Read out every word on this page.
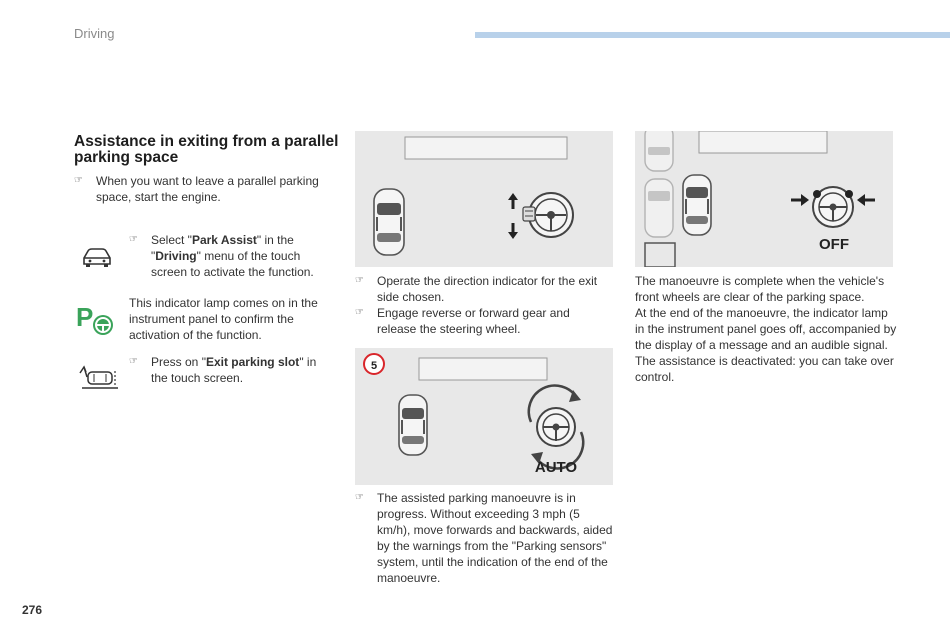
Driving
Assistance in exiting from a parallel parking space
☞	When you want to leave a parallel parking space, start the engine.
☞	Select "Park Assist" in the "Driving" menu of the touch screen to activate the function.
P	This indicator lamp comes on in the instrument panel to confirm the activation of the function.
☞	Press on "Exit parking slot" in the touch screen.
☞	Operate the direction indicator for the exit side chosen.
☞	Engage reverse or forward gear and release the steering wheel.
5
AUTO
☞	The assisted parking manoeuvre is in progress. Without exceeding 3 mph (5 km/h), move forwards and backwards, aided by the warnings from the "Parking sensors" system, until the indication of the end of the manoeuvre.
OFF
The manoeuvre is complete when the vehicle's front wheels are clear of the parking space.
At the end of the manoeuvre, the indicator lamp in the instrument panel goes off, accompanied by the display of a message and an audible signal.
The assistance is deactivated: you can take over control.
276
